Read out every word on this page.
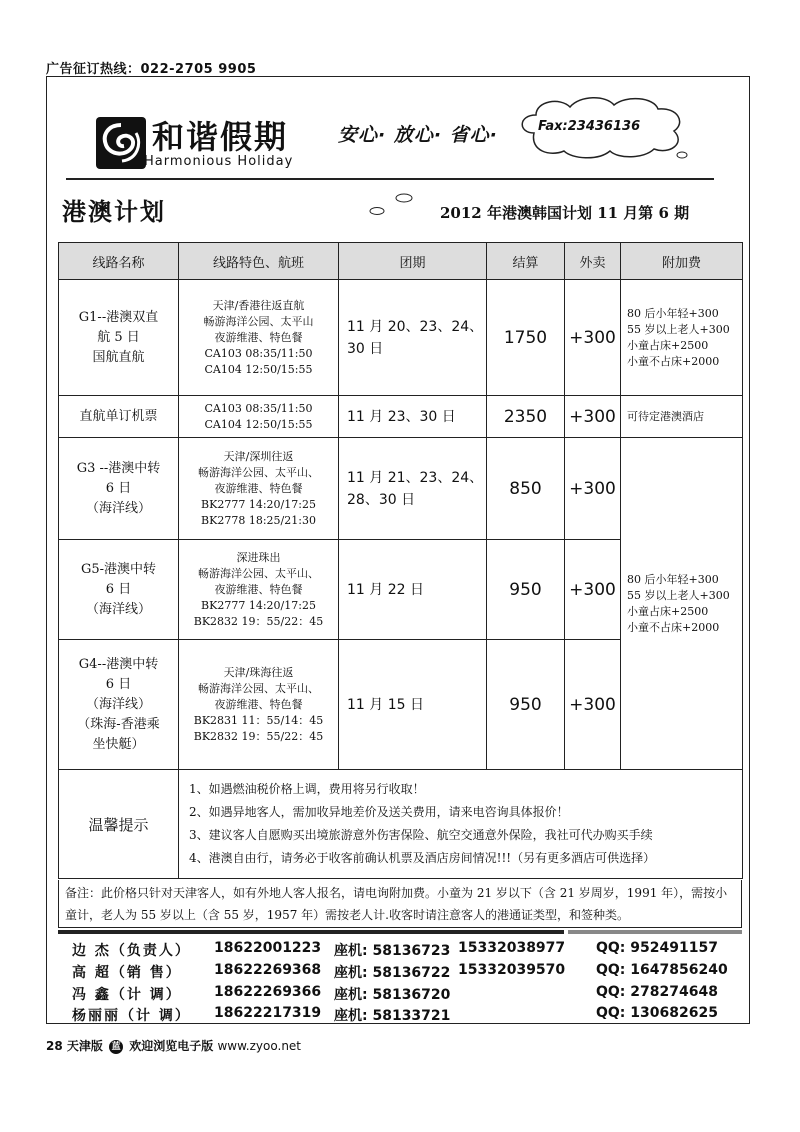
广告征订热线：022-2705 9905
和谐假期
Harmonious Holiday
安心· 放心· 省心·	Fax:23436136
港澳计划	2012 年港澳韩国计划 11 月第 6 期
线路名称	线路特色、航班	团期	结算	外卖	附加费

G1--港澳双直
航 5 日
国航直航	天津/香港往返直航
畅游海洋公园、太平山
夜游维港、特色餐
CA103 08:35/11:50
CA104 12:50/15:55	11 月 20、23、24、30 日	1750	+300	80 后小年轻+300
55 岁以上老人+300
小童占床+2500
小童不占床+2000

直航单订机票	CA103 08:35/11:50
CA104 12:50/15:55	11 月 23、30 日	2350	+300	可待定港澳酒店

G3 --港澳中转
6 日
（海洋线）	天津/深圳往返
畅游海洋公园、太平山、
夜游维港、特色餐
BK2777 14:20/17:25
BK2778 18:25/21:30	11 月 21、23、24、28、30 日	850	+300	80 后小年轻+300
55 岁以上老人+300
小童占床+2500
小童不占床+2000

G5-港澳中转
6 日
（海洋线）	深进珠出
畅游海洋公园、太平山、
夜游维港、特色餐
BK2777 14:20/17:25
BK2832 19：55/22：45	11 月 22 日	950	+300	

G4--港澳中转
6 日
（海洋线）
（珠海-香港乘
坐快艇）	天津/珠海往返
畅游海洋公园、太平山、
夜游维港、特色餐
BK2831 11：55/14：45
BK2832 19：55/22：45	11 月 15 日	950	+300	
温馨提示	1、如遇燃油税价格上调，费用将另行收取！
2、如遇异地客人，需加收异地差价及送关费用，请来电咨询具体报价！
3、建议客人自愿购买出境旅游意外伤害保险、航空交通意外保险，我社可代办购买手续
4、港澳自由行，请务必于收客前确认机票及酒店房间情况!!!（另有更多酒店可供选择）				
备注：此价格只针对天津客人，如有外地人客人报名，请电询附加费。小童为 21 岁以下（含 21 岁周岁，1991 年），需按小童计，老人为 55 岁以上（含 55 岁，1957 年）需按老人计.收客时请注意客人的港通证类型，和签种类。
边 杰（负责人） 18622001223 座机: 58136723 15332038977 QQ: 952491157
高 超（销 售） 18622269368 座机: 58136722 15332039570 QQ: 1647856240
冯 鑫（计 调） 18622269366 座机: 58136720	QQ: 278274648
杨丽丽（计 调） 18622217319 座机: 58133721	QQ: 130682625
28 天津版 蓝 欢迎浏览电子版 www.zyoo.net
